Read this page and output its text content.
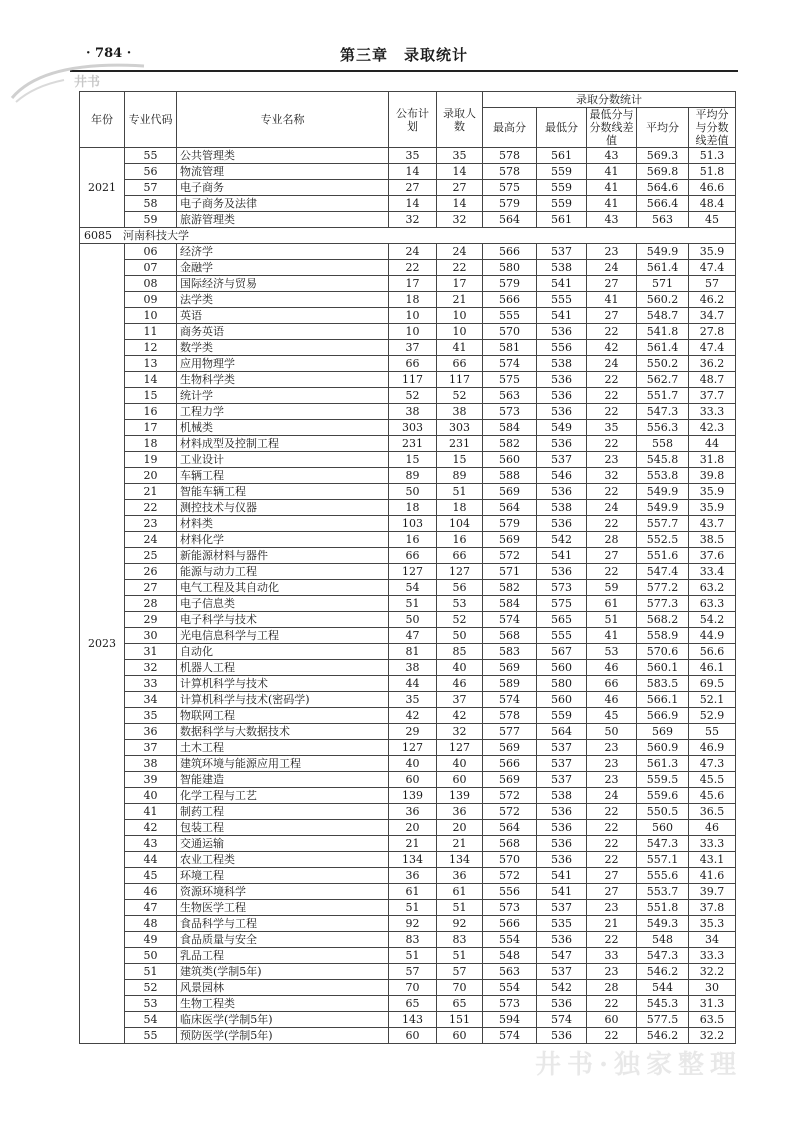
· 784 ·	第三章　录取统计
井书
年份	专业代码	专业名称	公布计划	录取人数	录取分数统计				
					最高分	最低分	最低分与分数线差值	平均分	平均分与分数线差值
2021	55	公共管理类	35	35	578	561	43	569.3	51.3
	56	物流管理	14	14	578	559	41	569.8	51.8
	57	电子商务	27	27	575	559	41	564.6	46.6
	58	电子商务及法律	14	14	579	559	41	566.4	48.4
	59	旅游管理类	32	32	564	561	43	563	45
6085　河南科技大学									
2023	06	经济学	24	24	566	537	23	549.9	35.9
	07	金融学	22	22	580	538	24	561.4	47.4
	08	国际经济与贸易	17	17	579	541	27	571	57
	09	法学类	18	21	566	555	41	560.2	46.2
	10	英语	10	10	555	541	27	548.7	34.7
	11	商务英语	10	10	570	536	22	541.8	27.8
	12	数学类	37	41	581	556	42	561.4	47.4
	13	应用物理学	66	66	574	538	24	550.2	36.2
	14	生物科学类	117	117	575	536	22	562.7	48.7
	15	统计学	52	52	563	536	22	551.7	37.7
	16	工程力学	38	38	573	536	22	547.3	33.3
	17	机械类	303	303	584	549	35	556.3	42.3
	18	材料成型及控制工程	231	231	582	536	22	558	44
	19	工业设计	15	15	560	537	23	545.8	31.8
	20	车辆工程	89	89	588	546	32	553.8	39.8
	21	智能车辆工程	50	51	569	536	22	549.9	35.9
	22	测控技术与仪器	18	18	564	538	24	549.9	35.9
	23	材料类	103	104	579	536	22	557.7	43.7
	24	材料化学	16	16	569	542	28	552.5	38.5
	25	新能源材料与器件	66	66	572	541	27	551.6	37.6
	26	能源与动力工程	127	127	571	536	22	547.4	33.4
	27	电气工程及其自动化	54	56	582	573	59	577.2	63.2
	28	电子信息类	51	53	584	575	61	577.3	63.3
	29	电子科学与技术	50	52	574	565	51	568.2	54.2
	30	光电信息科学与工程	47	50	568	555	41	558.9	44.9
	31	自动化	81	85	583	567	53	570.6	56.6
	32	机器人工程	38	40	569	560	46	560.1	46.1
	33	计算机科学与技术	44	46	589	580	66	583.5	69.5
	34	计算机科学与技术(密码学)	35	37	574	560	46	566.1	52.1
	35	物联网工程	42	42	578	559	45	566.9	52.9
	36	数据科学与大数据技术	29	32	577	564	50	569	55
	37	土木工程	127	127	569	537	23	560.9	46.9
	38	建筑环境与能源应用工程	40	40	566	537	23	561.3	47.3
	39	智能建造	60	60	569	537	23	559.5	45.5
	40	化学工程与工艺	139	139	572	538	24	559.6	45.6
	41	制药工程	36	36	572	536	22	550.5	36.5
	42	包装工程	20	20	564	536	22	560	46
	43	交通运输	21	21	568	536	22	547.3	33.3
	44	农业工程类	134	134	570	536	22	557.1	43.1
	45	环境工程	36	36	572	541	27	555.6	41.6
	46	资源环境科学	61	61	556	541	27	553.7	39.7
	47	生物医学工程	51	51	573	537	23	551.8	37.8
	48	食品科学与工程	92	92	566	535	21	549.3	35.3
	49	食品质量与安全	83	83	554	536	22	548	34
	50	乳品工程	51	51	548	547	33	547.3	33.3
	51	建筑类(学制5年)	57	57	563	537	23	546.2	32.2
	52	风景园林	70	70	554	542	28	544	30
	53	生物工程类	65	65	573	536	22	545.3	31.3
	54	临床医学(学制5年)	143	151	594	574	60	577.5	63.5
	55	预防医学(学制5年)	60	60	574	536	22	546.2	32.2
井书·独家整理
